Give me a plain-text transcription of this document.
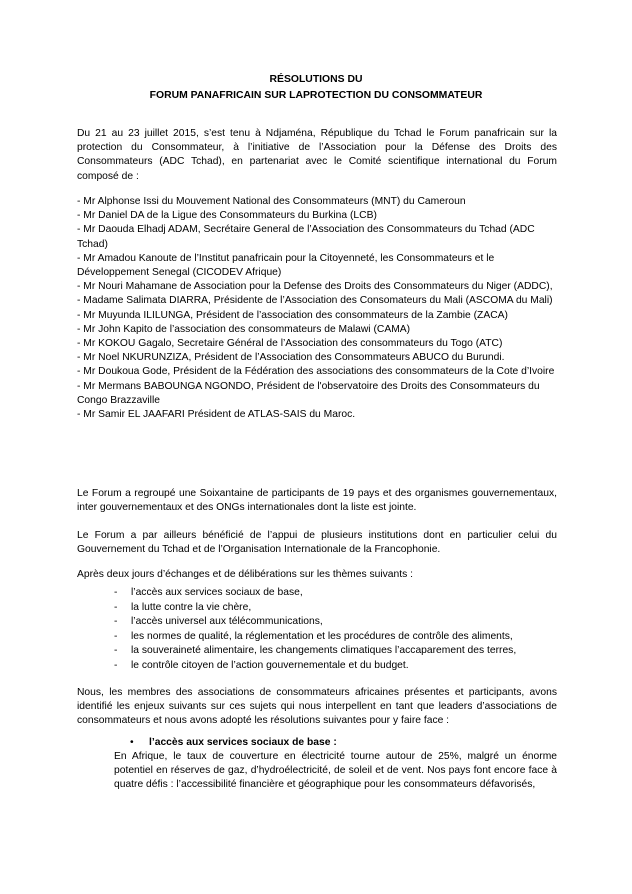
RÉSOLUTIONS DU
FORUM PANAFRICAIN SUR LAPROTECTION DU CONSOMMATEUR
Du 21 au 23 juillet 2015, s’est tenu à Ndjaména, République du Tchad le Forum panafricain sur la protection du Consommateur, à l’initiative de l’Association pour la Défense des Droits des Consommateurs (ADC Tchad), en partenariat avec le Comité scientifique international du Forum composé de :
- Mr Alphonse Issi du Mouvement National des Consommateurs (MNT) du Cameroun
- Mr Daniel DA de la Ligue des Consommateurs du Burkina (LCB)
- Mr Daouda Elhadj ADAM, Secrétaire General de l’Association des Consommateurs du Tchad (ADC Tchad)
- Mr Amadou Kanoute de l’Institut panafricain pour la Citoyenneté, les Consommateurs et le Développement Senegal (CICODEV Afrique)
- Mr Nouri Mahamane de Association pour la Defense des Droits des Consommateurs du Niger (ADDC),
- Madame Salimata DIARRA, Présidente de l’Association des Consomateurs du Mali (ASCOMA du Mali)
- Mr Muyunda ILILUNGA, Président de l’association des consommateurs de la Zambie (ZACA)
- Mr John Kapito de l’association des consommateurs de Malawi (CAMA)
- Mr KOKOU Gagalo, Secretaire Général de l’Association des consommateurs du Togo (ATC)
- Mr Noel NKURUNZIZA, Président de l’Association des Consommateurs ABUCO du Burundi.
- Mr Doukoua Gode, Président de la Fédération des associations des consommateurs de la Cote d’Ivoire
- Mr Mermans BABOUNGA NGONDO, Président de l'observatoire des Droits des Consommateurs du Congo Brazzaville
- Mr Samir EL JAAFARI Président de ATLAS-SAIS du Maroc.
Le Forum a regroupé une Soixantaine de participants de 19 pays et des organismes gouvernementaux, inter gouvernementaux et des ONGs internationales dont la liste est jointe.
Le Forum a par ailleurs bénéficié de l’appui de plusieurs institutions dont en particulier celui du Gouvernement du Tchad et de l’Organisation Internationale de la Francophonie.
Après deux jours d’échanges et de délibérations sur les thèmes suivants :
- l’accès aux services sociaux de base,
- la lutte contre la vie chère,
- l’accès universel aux télécommunications,
- les normes de qualité, la réglementation et les procédures de contrôle des aliments,
- la souveraineté alimentaire, les changements climatiques l’accaparement des terres,
- le contrôle citoyen de l’action gouvernementale et du budget.
Nous, les membres des associations de consommateurs africaines présentes et participants, avons identifié les enjeux suivants sur ces sujets qui nous interpellent en tant que leaders d’associations de consommateurs et nous avons adopté les résolutions suivantes pour y faire face :
• l’accès aux services sociaux de base :
En Afrique, le taux de couverture en électricité tourne autour de 25%, malgré un énorme potentiel en réserves de gaz, d’hydroélectricité, de soleil et de vent. Nos pays font encore face à quatre défis : l’accessibilité financière et géographique pour les consommateurs défavorisés,
